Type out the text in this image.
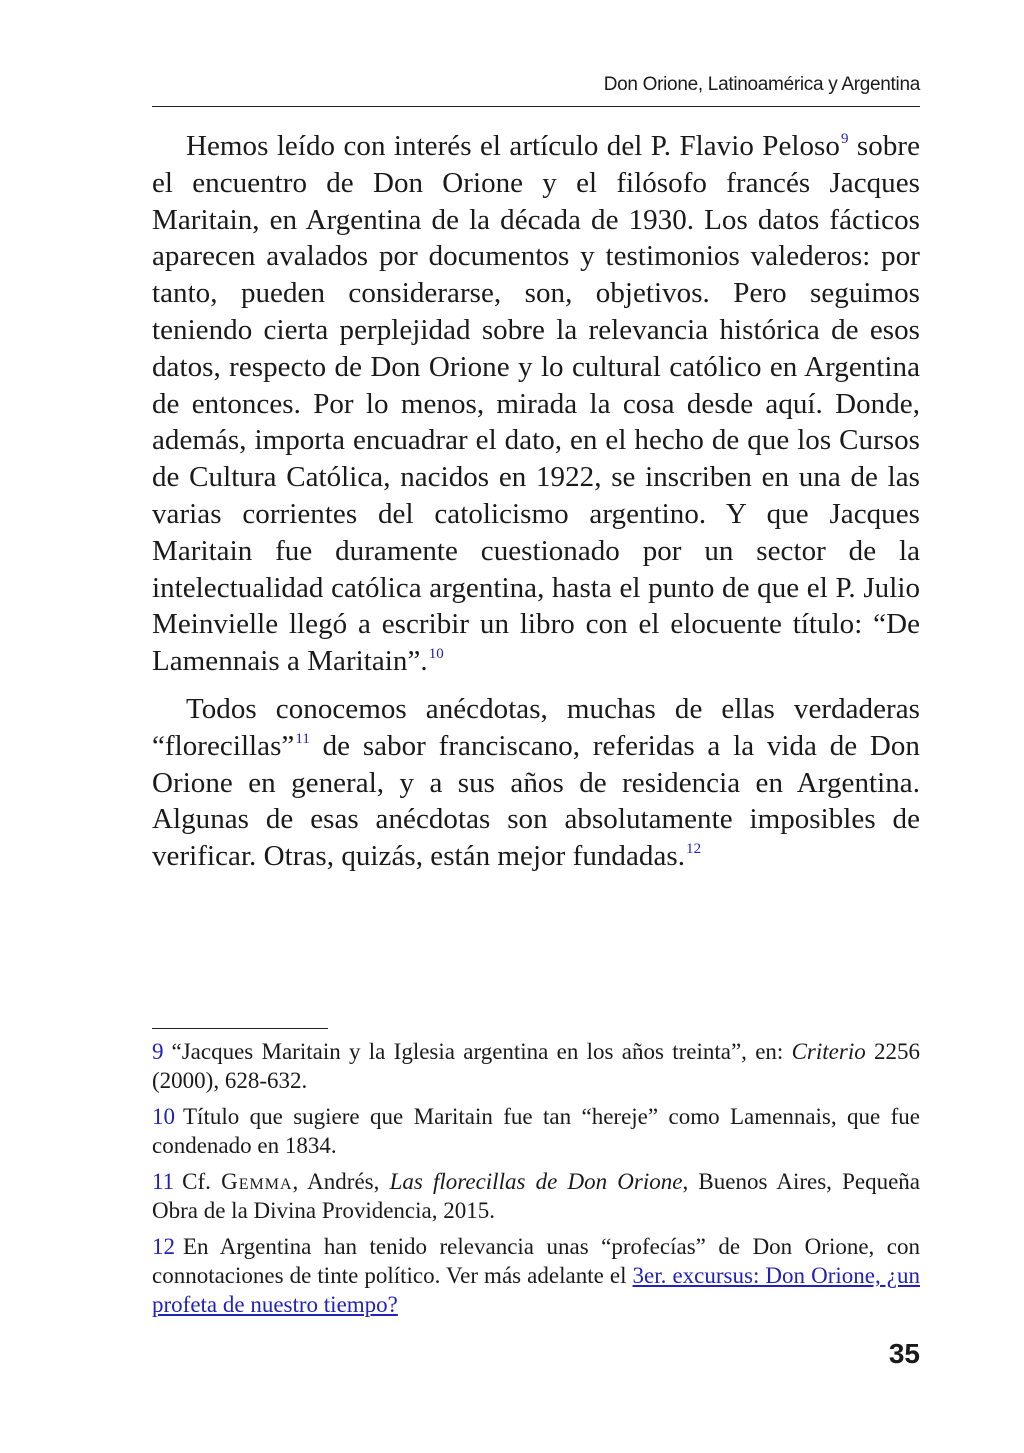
Don Orione, Latinoamérica y Argentina

Hemos leído con interés el artículo del P. Flavio Peloso$^9$ sobre el encuentro de Don Orione y el filósofo francés Jacques Maritain, en Argentina de la década de 1930. Los datos fácticos aparecen avalados por documentos y testimonios valederos: por tanto, pueden considerarse, son, objetivos. Pero seguimos teniendo cierta perplejidad sobre la relevancia histórica de esos datos, respecto de Don Orione y lo cultural católico en Argentina de entonces. Por lo menos, mirada la cosa desde aquí. Donde, además, importa encuadrar el dato, en el hecho de que los Cursos de Cultura Católica, nacidos en 1922, se inscriben en una de las varias corrientes del catolicismo argentino. Y que Jacques Maritain fue duramente cuestionado por un sector de la intelectualidad católica argentina, hasta el punto de que el P. Julio Meinvielle llegó a escribir un libro con el elocuente título: “De Lamennais a Maritain”.$^{10}$

Todos conocemos anécdotas, muchas de ellas verdaderas “florecillas”$^{11}$ de sabor franciscano, referidas a la vida de Don Orione en general, y a sus años de residencia en Argentina. Algunas de esas anécdotas son absolutamente imposibles de verificar. Otras, quizás, están mejor fundadas.$^{12}$

9 “Jacques Maritain y la Iglesia argentina en los años treinta”, en: Criterio 2256 (2000), 628-632.

10 Título que sugiere que Maritain fue tan “hereje” como Lamennais, que fue condenado en 1834.

11 Cf. Gemma, Andrés, Las florecillas de Don Orione, Buenos Aires, Pequeña Obra de la Divina Providencia, 2015.

12 En Argentina han tenido relevancia unas “profecías” de Don Orione, con connotaciones de tinte político. Ver más adelante el 3er. excursus: Don Orione, ¿un profeta de nuestro tiempo?

35
